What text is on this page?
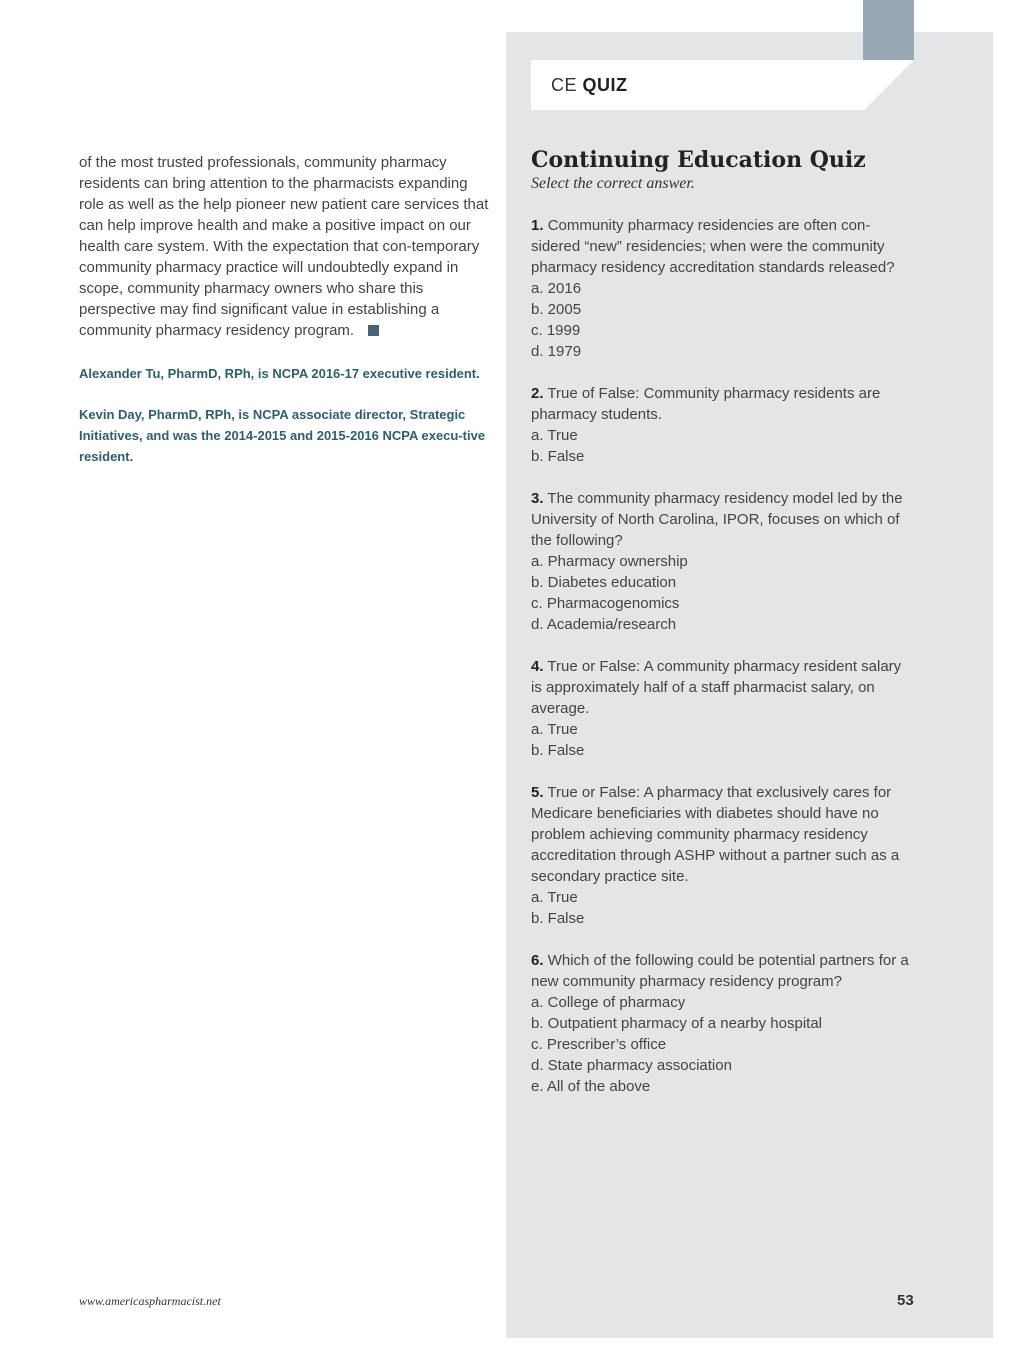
CE QUIZ

of the most trusted professionals, community pharmacy residents can bring attention to the pharmacists expanding role as well as the help pioneer new patient care services that can help improve health and make a positive impact on our health care system. With the expectation that con-temporary community pharmacy practice will undoubtedly expand in scope, community pharmacy owners who share this perspective may find significant value in establishing a community pharmacy residency program.

Alexander Tu, PharmD, RPh, is NCPA 2016-17 executive resident.

Kevin Day, PharmD, RPh, is NCPA associate director, Strategic Initiatives, and was the 2014-2015 and 2015-2016 NCPA execu-tive resident.

Continuing Education Quiz

Select the correct answer.

1. Community pharmacy residencies are often con-sidered “new” residencies; when were the community pharmacy residency accreditation standards released?

a. 2016

b. 2005

c. 1999

d. 1979

2. True of False: Community pharmacy residents are pharmacy students.

a. True

b. False

3. The community pharmacy residency model led by the University of North Carolina, IPOR, focuses on which of the following?

a. Pharmacy ownership

b. Diabetes education

c. Pharmacogenomics

d. Academia/research

4. True or False: A community pharmacy resident salary is approximately half of a staff pharmacist salary, on average.

a. True

b. False

5. True or False: A pharmacy that exclusively cares for Medicare beneficiaries with diabetes should have no problem achieving community pharmacy residency accreditation through ASHP without a partner such as a secondary practice site.

a. True

b. False

6. Which of the following could be potential partners for a new community pharmacy residency program?

a. College of pharmacy

b. Outpatient pharmacy of a nearby hospital

c. Prescriber’s office

d. State pharmacy association

e. All of the above

www.americaspharmacist.net	53
